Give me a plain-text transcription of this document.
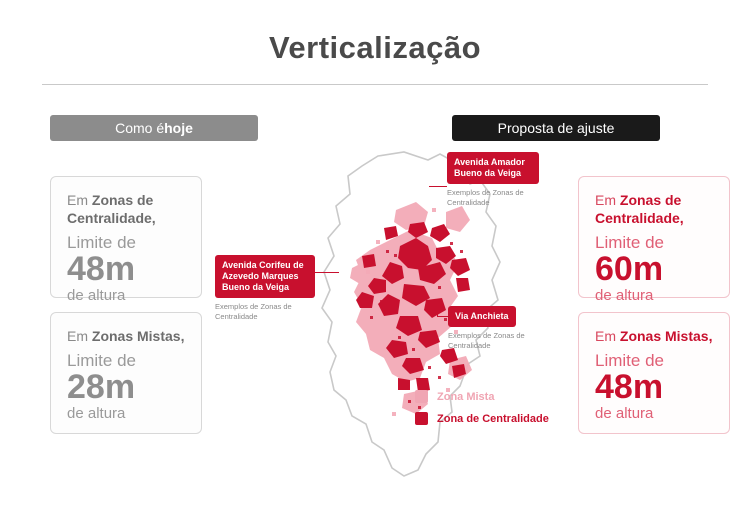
Verticalização
Como é hoje	Proposta de ajuste

Em Zonas de Centralidade,

Limite de
48m
de altura

Em Zonas Mistas,

Limite de
28m
de altura

Em Zonas de Centralidade,

Limite de
60m
de altura

Em Zonas Mistas,

Limite de
48m
de altura
Avenida Amador Bueno da Veiga
Exemplos de Zonas de Centralidade
Avenida Corifeu de Azevedo Marques Bueno da Veiga
Exemplos de Zonas de Centralidade	Via Anchieta
Exemplos de Zonas de Centralidade
Zona Mista
Zona de Centralidade
